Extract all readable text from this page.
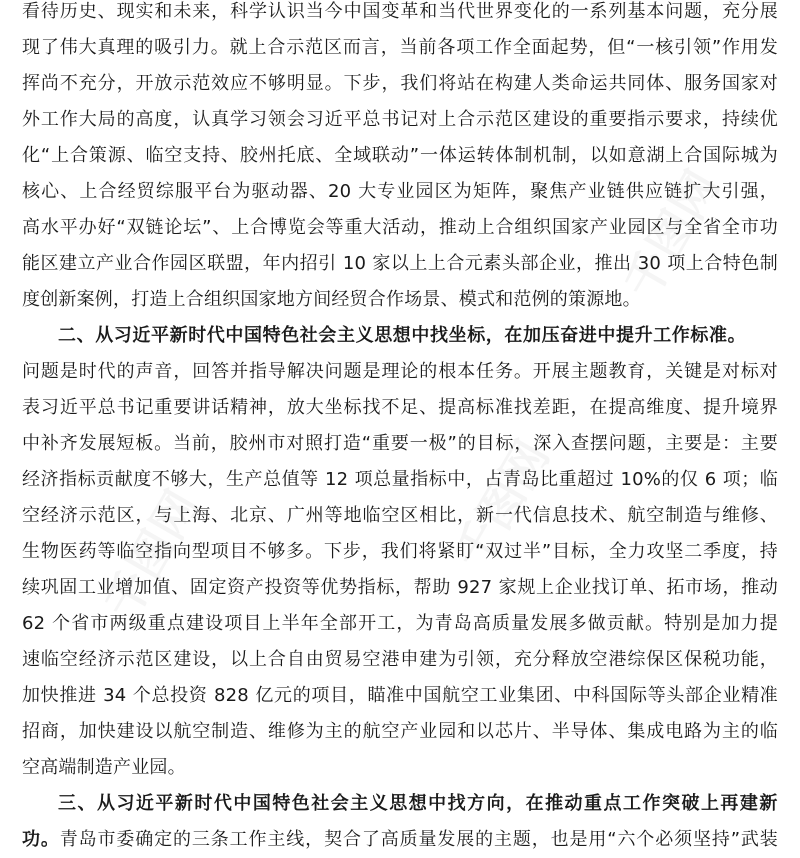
千图网	千图网
千图网
看待历史、现实和未来，科学认识当今中国变革和当代世界变化的一系列基本问题，充分展
现了伟大真理的吸引力。就上合示范区而言，当前各项工作全面起势，但“一核引领”作用发
挥尚不充分，开放示范效应不够明显。下步，我们将站在构建人类命运共同体、服务国家对
外工作大局的高度，认真学习领会习近平总书记对上合示范区建设的重要指示要求，持续优
化“上合策源、临空支持、胶州托底、全域联动”一体运转体制机制，以如意湖上合国际城为
核心、上合经贸综服平台为驱动器、20 大专业园区为矩阵，聚焦产业链供应链扩大引强，
高水平办好“双链论坛”、上合博览会等重大活动，推动上合组织国家产业园区与全省全市功
能区建立产业合作园区联盟，年内招引 10 家以上上合元素头部企业，推出 30 项上合特色制
度创新案例，打造上合组织国家地方间经贸合作场景、模式和范例的策源地。
二、从习近平新时代中国特色社会主义思想中找坐标，在加压奋进中提升工作标准。
问题是时代的声音，回答并指导解决问题是理论的根本任务。开展主题教育，关键是对标对
表习近平总书记重要讲话精神，放大坐标找不足、提高标准找差距，在提高维度、提升境界
中补齐发展短板。当前，胶州市对照打造“重要一极”的目标，深入查摆问题，主要是：主要
经济指标贡献度不够大，生产总值等 12 项总量指标中，占青岛比重超过 10%的仅 6 项；临
空经济示范区，与上海、北京、广州等地临空区相比，新一代信息技术、航空制造与维修、
生物医药等临空指向型项目不够多。下步，我们将紧盯“双过半”目标，全力攻坚二季度，持
续巩固工业增加值、固定资产投资等优势指标，帮助 927 家规上企业找订单、拓市场，推动
62 个省市两级重点建设项目上半年全部开工，为青岛高质量发展多做贡献。特别是加力提
速临空经济示范区建设，以上合自由贸易空港申建为引领，充分释放空港综保区保税功能，
加快推进 34 个总投资 828 亿元的项目，瞄准中国航空工业集团、中科国际等头部企业精准
招商，加快建设以航空制造、维修为主的航空产业园和以芯片、半导体、集成电路为主的临
空高端制造产业园。
三、从习近平新时代中国特色社会主义思想中找方向，在推动重点工作突破上再建新
功。青岛市委确定的三条工作主线，契合了高质量发展的主题，也是用“六个必须坚持”武装
